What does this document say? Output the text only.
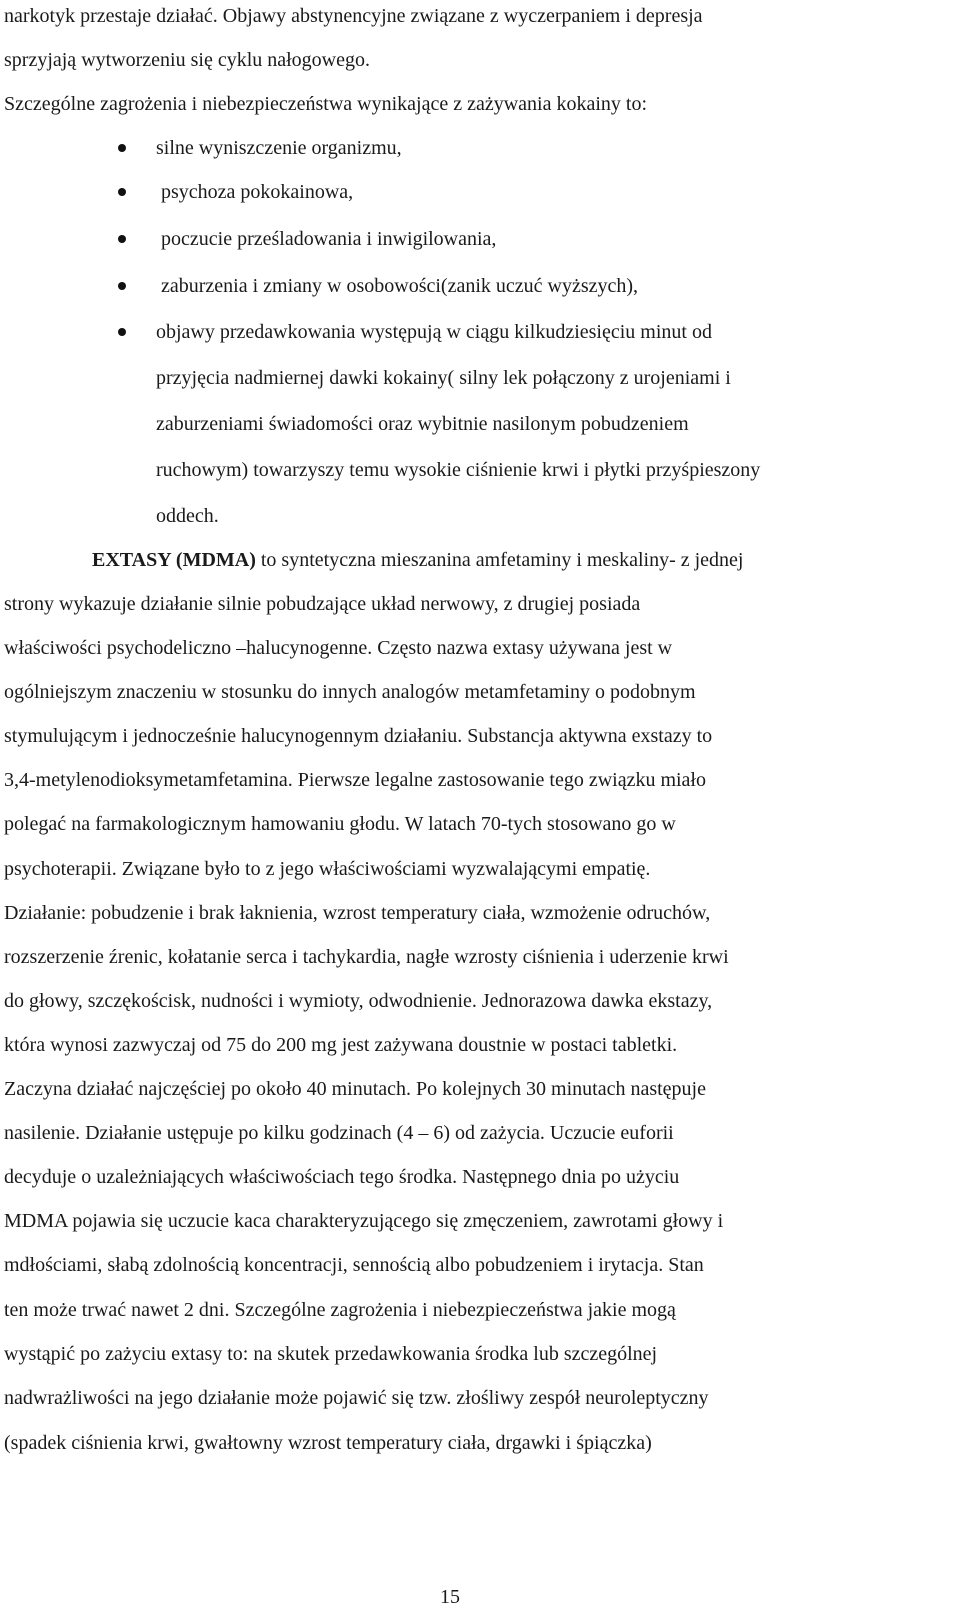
narkotyk przestaje działać. Objawy abstynencyjne związane z wyczerpaniem i depresja
sprzyjają wytworzeniu się cyklu nałogowego.
Szczególne zagrożenia i niebezpieczeństwa wynikające z zażywania kokainy to:
silne wyniszczenie organizmu,
psychoza pokokainowa,
poczucie prześladowania i inwigilowania,
zaburzenia i zmiany w osobowości(zanik uczuć wyższych),
objawy przedawkowania występują w ciągu kilkudziesięciu minut od
przyjęcia nadmiernej dawki kokainy( silny lek połączony z urojeniami i
zaburzeniami świadomości oraz wybitnie nasilonym pobudzeniem
ruchowym) towarzyszy temu wysokie ciśnienie krwi i płytki przyśpieszony
oddech.
EXTASY (MDMA) to syntetyczna mieszanina amfetaminy i meskaliny- z jednej
strony wykazuje działanie silnie pobudzające układ nerwowy, z drugiej posiada
właściwości psychodeliczno –halucynogenne. Często nazwa extasy używana jest w
ogólniejszym znaczeniu w stosunku do innych analogów metamfetaminy o podobnym
stymulującym i jednocześnie halucynogennym działaniu. Substancja aktywna exstazy to
3,4-metylenodioksymetamfetamina. Pierwsze legalne zastosowanie tego związku miało
polegać na farmakologicznym hamowaniu głodu. W latach 70-tych stosowano go w
psychoterapii. Związane było to z jego właściwościami wyzwalającymi empatię.
Działanie: pobudzenie i brak łaknienia, wzrost temperatury ciała, wzmożenie odruchów,
rozszerzenie źrenic, kołatanie serca i tachykardia, nagłe wzrosty ciśnienia i uderzenie krwi
do głowy, szczękościsk, nudności i wymioty, odwodnienie. Jednorazowa dawka ekstazy,
która wynosi zazwyczaj od 75 do 200 mg jest zażywana doustnie w postaci tabletki.
Zaczyna działać najczęściej po około 40 minutach. Po kolejnych 30 minutach następuje
nasilenie. Działanie ustępuje po kilku godzinach (4 – 6) od zażycia. Uczucie euforii
decyduje o uzależniających właściwościach tego środka. Następnego dnia po użyciu
MDMA pojawia się uczucie kaca charakteryzującego się zmęczeniem, zawrotami głowy i
mdłościami, słabą zdolnością koncentracji, sennością albo pobudzeniem i irytacja. Stan
ten może trwać nawet 2 dni. Szczególne zagrożenia i niebezpieczeństwa jakie mogą
wystąpić po zażyciu extasy to: na skutek przedawkowania środka lub szczególnej
nadwrażliwości na jego działanie może pojawić się tzw. złośliwy zespół neuroleptyczny
(spadek ciśnienia krwi, gwałtowny wzrost temperatury ciała, drgawki i śpiączka)
15
